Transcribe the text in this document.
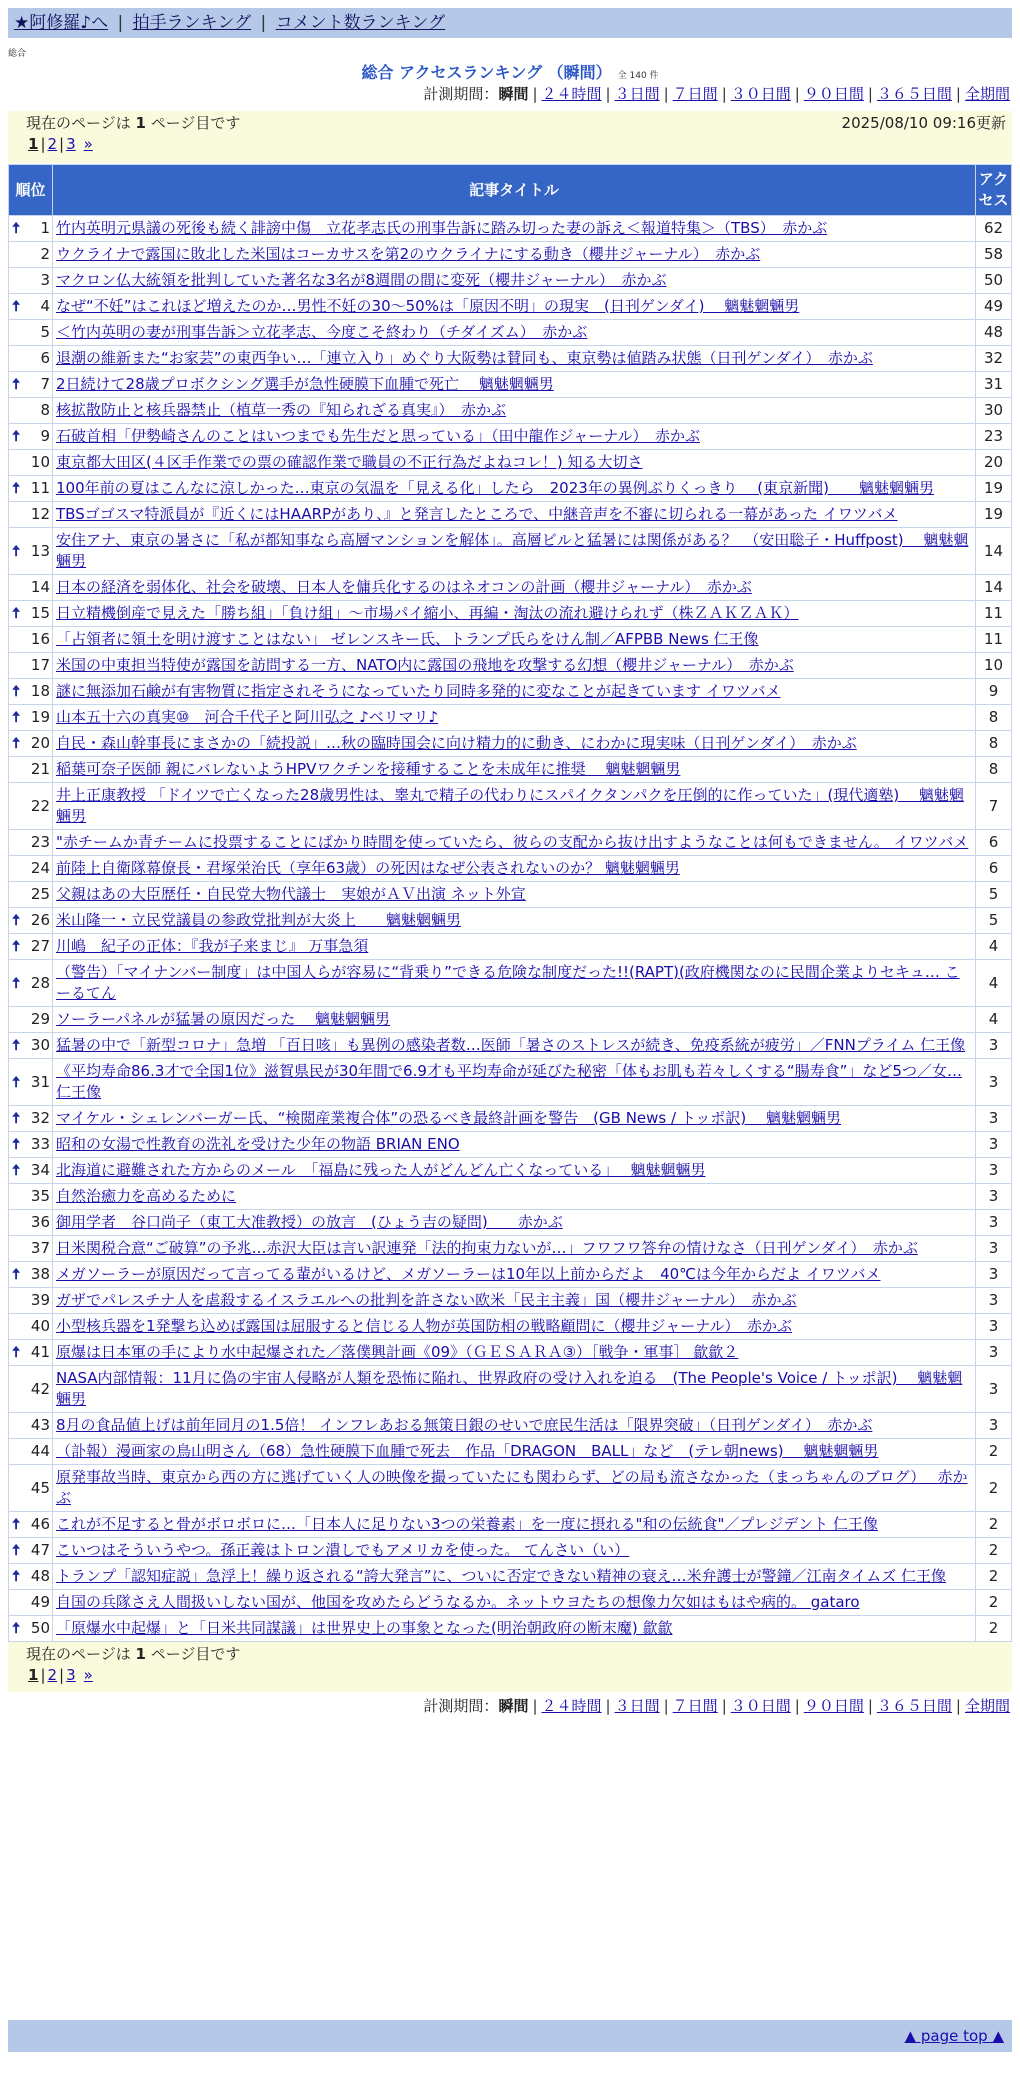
★阿修羅♪へ | 拍手ランキング | コメント数ランキング
総合
総合 アクセスランキング （瞬間） 全 140 件
計測期間：瞬間 | ２４時間 | ３日間 | ７日間 | ３０日間 | ９０日間 | ３６５日間 | 全期間
現在のページは 1 ページ目です	2025/08/10 09:16更新
1 | 2 | 3 »
順位	記事タイトル	アクセス

🠅 1	竹内英明元県議の死後も続く誹謗中傷　立花孝志氏の刑事告訴に踏み切った妻の訴え＜報道特集＞（TBS）　赤かぶ	62
2	ウクライナで露国に敗北した米国はコーカサスを第2のウクライナにする動き（櫻井ジャーナル）　赤かぶ	58
3	マクロン仏大統領を批判していた著名な3名が8週間の間に変死（櫻井ジャーナル）　赤かぶ	50

🠅 4	なぜ“不妊”はこれほど増えたのか…男性不妊の30～50%は「原因不明」の現実　(日刊ゲンダイ)　 魑魅魍魎男	49
5	＜竹内英明の妻が刑事告訴＞立花孝志、今度こそ終わり（チダイズム）　赤かぶ	48
6	退潮の維新また“お家芸”の東西争い…「連立入り」めぐり大阪勢は賛同も、東京勢は値踏み状態（日刊ゲンダイ）　赤かぶ	32

🠅 7	2日続けて28歳プロボクシング選手が急性硬膜下血腫で死亡　 魑魅魍魎男	31
8	核拡散防止と核兵器禁止（植草一秀の『知られざる真実』）　赤かぶ	30

🠅 9	石破首相「伊勢崎さんのことはいつまでも先生だと思っている」（田中龍作ジャーナル）　赤かぶ	23
10	東京都大田区(４区手作業での票の確認作業で職員の不正行為だよねコレ！) 知る大切さ	20

🠅 11	100年前の夏はこんなに涼しかった…東京の気温を「見える化」したら　2023年の異例ぶりくっきり　 (東京新聞)　　魑魅魍魎男	19
12	TBSゴゴスマ特派員が『近くにはHAARPがあり、』と発言したところで、中継音声を不審に切られる一幕があった イワツバメ	19

🠅 13	安住アナ、東京の暑さに「私が都知事なら高層マンションを解体」。高層ビルと猛暑には関係がある？　（安田聡子・Huffpost)　 魑魅魍魎男	14
14	日本の経済を弱体化、社会を破壊、日本人を傭兵化するのはネオコンの計画（櫻井ジャーナル）　赤かぶ	14

🠅 15	日立精機倒産で見えた「勝ち組」「負け組」～市場パイ縮小、再編・淘汰の流れ避けられず（株ＺＡＫＺＡＫ）	11
16	「占領者に領土を明け渡すことはない」 ゼレンスキー氏、トランプ氏らをけん制／AFPBB News 仁王像	11
17	米国の中東担当特使が露国を訪問する一方、NATO内に露国の飛地を攻撃する幻想（櫻井ジャーナル）　赤かぶ	10

🠅 18	謎に無添加石鹸が有害物質に指定されそうになっていたり同時多発的に変なことが起きています イワツバメ	9

🠅 19	山本五十六の真実⑩　河合千代子と阿川弘之 ♪ベリマリ♪	8

🠅 20	自民・森山幹事長にまさかの「続投説」…秋の臨時国会に向け精力的に動き、にわかに現実味（日刊ゲンダイ）　赤かぶ	8
21	稲葉可奈子医師 親にバレないようHPVワクチンを接種することを未成年に推奨　 魑魅魍魎男	8
22	井上正康教授 「ドイツで亡くなった28歳男性は、睾丸で精子の代わりにスパイクタンパクを圧倒的に作っていた」(現代適塾)　 魑魅魍魎男	7
23	"赤チームか青チームに投票することにばかり時間を使っていたら、彼らの支配から抜け出すようなことは何もできません。 イワツバメ	6
24	前陸上自衛隊幕僚長・君塚栄治氏（享年63歳）の死因はなぜ公表されないのか？ 魑魅魍魎男	6
25	父親はあの大臣歴任・自民党大物代議士　実娘がＡＶ出演 ネット外宣	5

🠅 26	米山隆一・立民党議員の参政党批判が大炎上　　魑魅魍魎男	5

🠅 27	川嶋　紀子の正体：『我が子来まじ』 万事急須	4

🠅 28	（警告）「マイナンバー制度」は中国人らが容易に“背乗り”できる危険な制度だった!!(RAPT)(政府機関なのに民間企業よりセキュ… こーるてん	4
29	ソーラーパネルが猛暑の原因だった　 魑魅魍魎男	4

🠅 30	猛暑の中で「新型コロナ」急増 「百日咳」も異例の感染者数…医師「暑さのストレスが続き、免疫系統が疲労」／FNNプライム 仁王像	3

🠅 31	《平均寿命86.3才で全国1位》滋賀県民が30年間で6.9才も平均寿命が延びた秘密「体もお肌も若々しくする“腸寿食”」など5つ／女… 仁王像	3

🠅 32	マイケル・シェレンバーガー氏、“検閲産業複合体”の恐るべき最終計画を警告　(GB News / トッポ訳)　 魑魅魍魎男	3

🠅 33	昭和の女湯で性教育の洗礼を受けた少年の物語 BRIAN ENO	3

🠅 34	北海道に避難された方からのメール　「福島に残った人がどんどん亡くなっている」　 魑魅魍魎男	3
35	自然治癒力を高めるために	3
36	御用学者　谷口尚子（東工大准教授）の放言　(ひょう吉の疑問)　　赤かぶ	3
37	日米関税合意“ご破算”の予兆…赤沢大臣は言い訳連発「法的拘束力ないが…」フワフワ答弁の情けなさ（日刊ゲンダイ）　赤かぶ	3

🠅 38	メガソーラーが原因だって言ってる輩がいるけど、メガソーラーは10年以上前からだよ　40℃は今年からだよ イワツバメ	3
39	ガザでパレスチナ人を虐殺するイスラエルへの批判を許さない欧米「民主主義」国（櫻井ジャーナル）　赤かぶ	3
40	小型核兵器を1発撃ち込めば露国は屈服すると信じる人物が英国防相の戦略顧問に（櫻井ジャーナル）　赤かぶ	3

🠅 41	原爆は日本軍の手により水中起爆された／落僕興計画《09》（ＧＥＳＡＲＡ③）［戦争・軍事］ 歙歙２	3
42	NASA内部情報：11月に偽の宇宙人侵略が人類を恐怖に陥れ、世界政府の受け入れを迫る　(The People's Voice / トッポ訳)　 魑魅魍魎男	3
43	8月の食品値上げは前年同月の1.5倍！ インフレあおる無策日銀のせいで庶民生活は「限界突破」（日刊ゲンダイ）　赤かぶ	3
44	（訃報）漫画家の鳥山明さん（68）急性硬膜下血腫で死去　作品「DRAGON　BALL」など　(テレ朝news)　 魑魅魍魎男	2
45	原発事故当時、東京から西の方に逃げていく人の映像を撮っていたにも関わらず、どの局も流さなかった（まっちゃんのブログ）　 赤かぶ	2

🠅 46	これが不足すると骨がボロボロに…「日本人に足りない3つの栄養素」を一度に摂れる"和の伝統食"／プレジデント 仁王像	2

🠅 47	こいつはそういうやつ。孫正義はトロン潰しでもアメリカを使った。 てんさい（い）	2

🠅 48	トランプ「認知症説」急浮上！繰り返される“誇大発言”に、ついに否定できない精神の衰え…米弁護士が警鐘／江南タイムズ 仁王像	2
49	自国の兵隊さえ人間扱いしない国が、他国を攻めたらどうなるか。ネットウヨたちの想像力欠如はもはや病的。 gataro	2

🠅 50	「原爆水中起爆」と「日米共同謀議」は世界史上の事象となった(明治朝政府の断末魔) 歙歙	2
現在のページは 1 ページ目です
1 | 2 | 3 »
計測期間：瞬間 | ２４時間 | ３日間 | ７日間 | ３０日間 | ９０日間 | ３６５日間 | 全期間
▲ page top ▲
